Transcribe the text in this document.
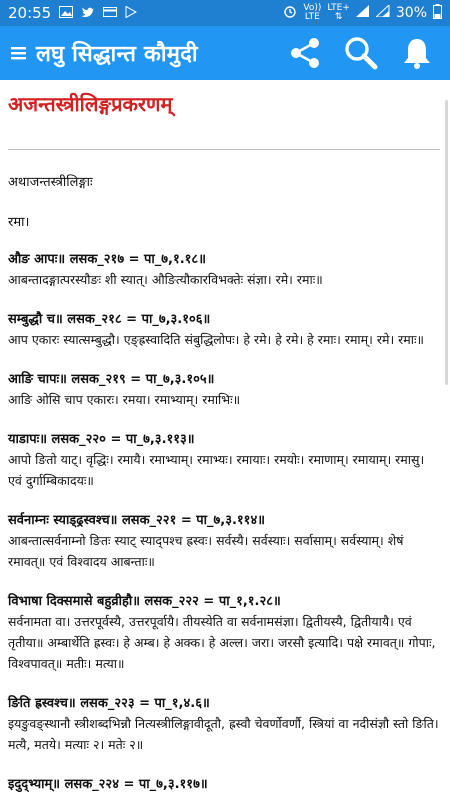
20:55	Vo))
LTE
LTE+
⇅	30%
लघु सिद्धान्त कौमुदी
अजन्तस्त्रीलिङ्गप्रकरणम्
अथाजन्तस्त्रीलिङ्गाः
रमा।
औङ आपः॥ लसक_२१७ = पा_७,१.१८॥
आबन्तादङ्गात्परस्यौङः शी स्यात्। औङित्यौकारविभक्तेः संज्ञा। रमे। रमाः॥
सम्बुद्धौ च॥ लसक_२१८ = पा_७,३.१०६॥
आप एकारः स्यात्सम्बुद्धौ। एङ्ह्रस्वादिति संबुद्धिलोपः। हे रमे। हे रमे। हे रमाः। रमाम्। रमे। रमाः॥
आङि चापः॥ लसक_२१९ = पा_७,३.१०५॥
आङि ओसि चाप एकारः। रमया। रमाभ्याम्। रमाभिः॥
याडापः॥ लसक_२२० = पा_७,३.११३॥
आपो ङितो याट्। वृद्धिः। रमायै। रमाभ्याम्। रमाभ्यः। रमायाः। रमयोः। रमाणाम्। रमायाम्। रमासु। एवं दुर्गाम्बिकादयः॥
सर्वनाम्नः स्याड्ढ्रस्वश्च॥ लसक_२२१ = पा_७,३.११४॥
आबन्तात्सर्वनाम्नो ङितः स्याट् स्याद्‌पश्च ह्रस्वः। सर्वस्यै। सर्वस्याः। सर्वासाम्। सर्वस्याम्। शेषं रमावत्॥ एवं विश्वादय आबन्ताः॥
विभाषा दिक्समासे बहुव्रीहौ॥ लसक_२२२ = पा_१,१.२८॥
सर्वनामता वा। उत्तरपूर्वस्यै, उत्तरपूर्वायै। तीयस्येति वा सर्वनामसंज्ञा। द्वितीयस्यै, द्वितीयायै। एवं तृतीया॥ अम्बार्थेति ह्रस्वः। हे अम्ब। हे अक्क। हे अल्ल। जरा। जरसौ इत्यादि। पक्षे रमावत्॥ गोपाः, विश्वपावत्॥ मतीः। मत्या॥
ङिति ह्रस्वश्च॥ लसक_२२३ = पा_१,४.६॥
इयङुवङ्स्थानौ स्त्रीशब्दभिन्नौ नित्यस्त्रीलिङ्गावीदूतौ, ह्रस्वौ चेवर्णोवर्णौ, स्त्रियां वा नदीसंज्ञौ स्तो ङिति। मत्यै, मतये। मत्याः २। मतेः २॥
इदुद्भ्याम्॥ लसक_२२४ = पा_७,३.११७॥
